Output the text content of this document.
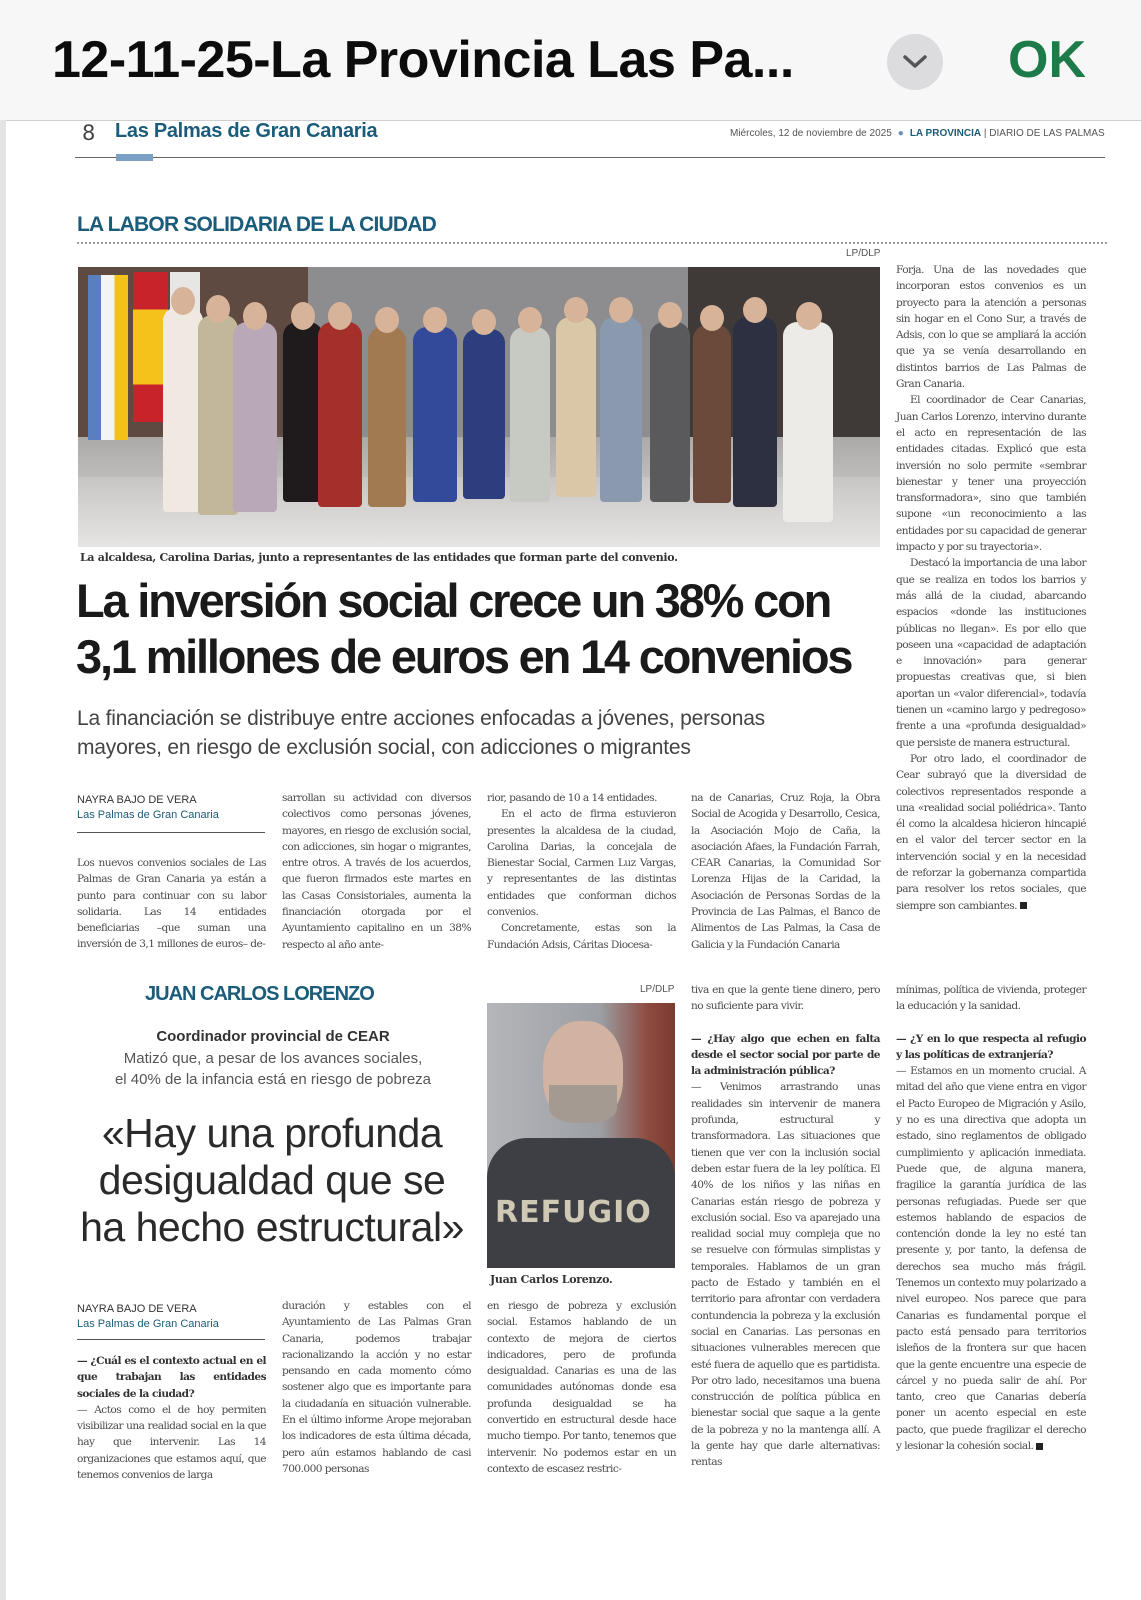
12-11-25-La Provincia Las Pa...	OK
8 Las Palmas de Gran Canaria	Miércoles, 12 de noviembre de 2025 ● LA PROVINCIA | DIARIO DE LAS PALMAS
LA LABOR SOLIDARIA DE LA CIUDAD
LP/DLP
La alcaldesa, Carolina Darias, junto a representantes de las entidades que forman parte del convenio.
La inversión social crece un 38% con
3,1 millones de euros en 14 convenios
La financiación se distribuye entre acciones enfocadas a jóvenes, personas
mayores, en riesgo de exclusión social, con adicciones o migrantes
NAYRA BAJO DE VERA
Las Palmas de Gran Canaria

Los nuevos convenios sociales de Las Palmas de Gran Canaria ya están a punto para continuar con su labor solidaria. Las 14 entidades beneficiarias –que suman una inversión de 3,1 millones de euros– de-

sarrollan su actividad con diversos colectivos como personas jóvenes, mayores, en riesgo de exclusión social, con adicciones, sin hogar o migrantes, entre otros. A través de los acuerdos, que fueron firmados este martes en las Casas Consistoriales, aumenta la financiación otorgada por el Ayuntamiento capitalino en un 38% respecto al año ante-

rior, pasando de 10 a 14 entidades.

En el acto de firma estuvieron presentes la alcaldesa de la ciudad, Carolina Darias, la concejala de Bienestar Social, Carmen Luz Vargas, y representantes de las distintas entidades que conforman dichos convenios.

Concretamente, estas son la Fundación Adsis, Cáritas Diocesa-

na de Canarias, Cruz Roja, la Obra Social de Acogida y Desarrollo, Cesica, la Asociación Mojo de Caña, la asociación Afaes, la Fundación Farrah, CEAR Canarias, la Comunidad Sor Lorenza Hijas de la Caridad, la Asociación de Personas Sordas de la Provincia de Las Palmas, el Banco de Alimentos de Las Palmas, la Casa de Galicia y la Fundación Canaria

Forja. Una de las novedades que incorporan estos convenios es un proyecto para la atención a personas sin hogar en el Cono Sur, a través de Adsis, con lo que se ampliará la acción que ya se venía desarrollando en distintos barrios de Las Palmas de Gran Canaria.

El coordinador de Cear Canarias, Juan Carlos Lorenzo, intervino durante el acto en representación de las entidades citadas. Explicó que esta inversión no solo permite «sembrar bienestar y tener una proyección transformadora», sino que también supone «un reconocimiento a las entidades por su capacidad de generar impacto y por su trayectoria».

Destacó la importancia de una labor que se realiza en todos los barrios y más allá de la ciudad, abarcando espacios «donde las instituciones públicas no llegan». Es por ello que poseen una «capacidad de adaptación e innovación» para generar propuestas creativas que, si bien aportan un «valor diferencial», todavía tienen un «camino largo y pedregoso» frente a una «profunda desigualdad» que persiste de manera estructural.

Por otro lado, el coordinador de Cear subrayó que la diversidad de colectivos representados responde a una «realidad social poliédrica». Tanto él como la alcaldesa hicieron hincapié en el valor del tercer sector en la intervención social y en la necesidad de reforzar la gobernanza compartida para resolver los retos sociales, que siempre son cambiantes.

JUAN CARLOS LORENZO
Coordinador provincial de CEAR
Matizó que, a pesar de los avances sociales,
el 40% de la infancia está en riesgo de pobreza
«Hay una profunda
desigualdad que se
ha hecho estructural»
LP/DLP
REFUGIO
Juan Carlos Lorenzo.
NAYRA BAJO DE VERA
Las Palmas de Gran Canaria

— ¿Cuál es el contexto actual en el que trabajan las entidades sociales de la ciudad?

— Actos como el de hoy permiten visibilizar una realidad social en la que hay que intervenir. Las 14 organizaciones que estamos aquí, que tenemos convenios de larga

duración y estables con el Ayuntamiento de Las Palmas Gran Canaria, podemos trabajar racionalizando la acción y no estar pensando en cada momento cómo sostener algo que es importante para la ciudadanía en situación vulnerable. En el último informe Arope mejoraban los indicadores de esta última década, pero aún estamos hablando de casi 700.000 personas

en riesgo de pobreza y exclusión social. Estamos hablando de un contexto de mejora de ciertos indicadores, pero de profunda desigualdad. Canarias es una de las comunidades autónomas donde esa profunda desigualdad se ha convertido en estructural desde hace mucho tiempo. Por tanto, tenemos que intervenir. No podemos estar en un contexto de escasez restric-

tiva en que la gente tiene dinero, pero no suficiente para vivir.

— ¿Hay algo que echen en falta desde el sector social por parte de la administración pública?

— Venimos arrastrando unas realidades sin intervenir de manera profunda, estructural y transformadora. Las situaciones que tienen que ver con la inclusión social deben estar fuera de la ley política. El 40% de los niños y las niñas en Canarias están riesgo de pobreza y exclusión social. Eso va aparejado una realidad social muy compleja que no se resuelve con fórmulas simplistas y temporales. Hablamos de un gran pacto de Estado y también en el territorio para afrontar con verdadera contundencia la pobreza y la exclusión social en Canarias. Las personas en situaciones vulnerables merecen que esté fuera de aquello que es partidista. Por otro lado, necesitamos una buena construcción de política pública en bienestar social que saque a la gente de la pobreza y no la mantenga allí. A la gente hay que darle alternativas: rentas

mínimas, política de vivienda, proteger la educación y la sanidad.

— ¿Y en lo que respecta al refugio y las políticas de extranjería?

— Estamos en un momento crucial. A mitad del año que viene entra en vigor el Pacto Europeo de Migración y Asilo, y no es una directiva que adopta un estado, sino reglamentos de obligado cumplimiento y aplicación inmediata. Puede que, de alguna manera, fragilice la garantía jurídica de las personas refugiadas. Puede ser que estemos hablando de espacios de contención donde la ley no esté tan presente y, por tanto, la defensa de derechos sea mucho más frágil. Tenemos un contexto muy polarizado a nivel europeo. Nos parece que para Canarias es fundamental porque el pacto está pensado para territorios isleños de la frontera sur que hacen que la gente encuentre una especie de cárcel y no pueda salir de ahí. Por tanto, creo que Canarias debería poner un acento especial en este pacto, que puede fragilizar el derecho y lesionar la cohesión social.
